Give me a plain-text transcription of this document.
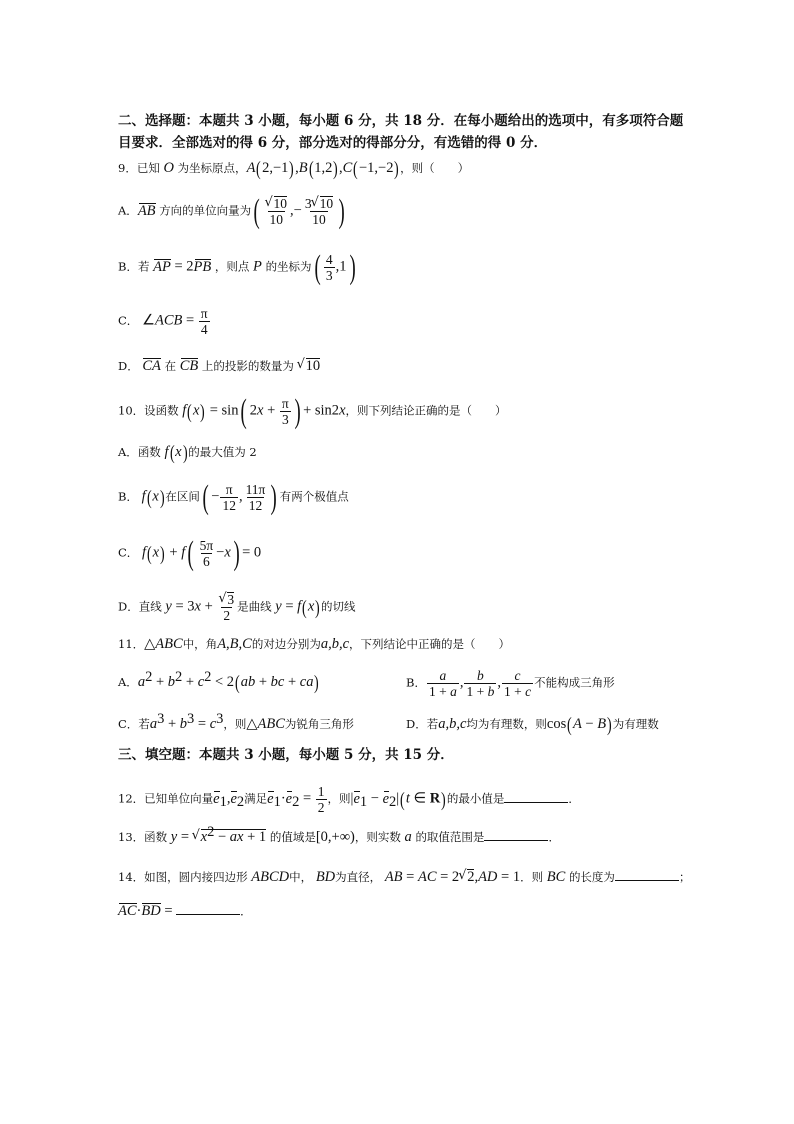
二、选择题：本题共 3 小题，每小题 6 分，共 18 分．在每小题给出的选项中，有多项符合题
目要求．全部选对的得 6 分，部分选对的得部分分，有选错的得 0 分．
9．已知 O 为坐标原点，A(2,−1),B(1,2),C(−1,−2)，则（　　）
A．AB 方向的单位向量为( √ $\frac{10}{10}$ ,− $\frac{3 √ 10}{10}$ )
B．若 AP = 2PB ，则点 P 的坐标为( $\frac{4}{3} ,1$)
C． ∠ACB = $\frac{\pi}{4}$
D． CA 在 CB 上的投影的数量为 √ 10
10．设函数 f(x) = sin( $2x + \frac{\pi}{3}$ ) + sin2x，则下列结论正确的是（　　）
A．函数 f(x)的最大值为 2
B． f(x)在区间( − $\frac{\pi}{12}$ , $\frac{11\pi}{12}$ ) 有两个极值点
C． $f(x) + f( \frac{5\pi}{6} -x) = 0$
D．直线 y = 3x + √ $\frac{3}{2}$ 是曲线 y = f(x)的切线
11．△ABC中，角A,B,C的对边分别为a,b,c，下列结论中正确的是（　　）
A．$a^2 + b^2 + c^2 < 2(ab$ + bc + ca)	B． $\frac{a}{1 + a}$ , $\frac{b}{1 + b}$ , $\frac{c}{1 + c}$ 不能构成三角形
C．若$a^3 + b^3 = c^3$，则△ABC为锐角三角形	D．若a,b,c均为有理数，则cos(A − B)为有理数
三、填空题：本题共 3 小题，每小题 5 分，共 15 分．
12．已知单位向量$e_1,e_2$满足$e_1\cdot e_2 = \frac{1}{2}$ ，则$|e_1 - e_2|(t$ ∈ R)的最小值是	．
13．函数 y = √ $x^2$ − ax + 1 的值域是[0,+∞)，则实数 a 的取值范围是	．
14．如图，圆内接四边形 ABCD中， BD为直径， AB = AC = 2 √ 2,AD = 1．则 BC 的长度为	；
AC·BD =	．
